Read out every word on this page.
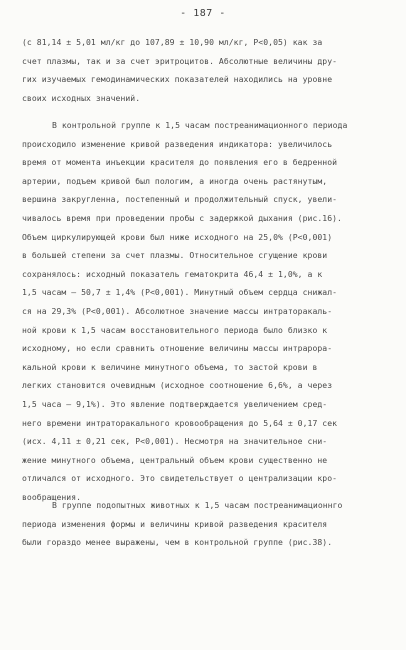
- 187 -
(с 81,14 ± 5,01 мл/кг до 107,89 ± 10,90 мл/кг, Р<0,05) как за
счет плазмы, так и за счет эритроцитов. Абсолютные величины дру-
гих изучаемых гемодинамических показателей находились на уровне
своих исходных значений.
В контрольной группе к 1,5 часам постреанимационного периода
происходило изменение кривой разведения индикатора: увеличилось
время от момента инъекции красителя до появления его в бедренной
артерии, подъем кривой был пологим, а иногда очень растянутым,
вершина закругленна, постепенный и продолжительный спуск, увели-
чивалось время при проведении пробы с задержкой дыхания (рис.16).
Объем циркулирующей крови был ниже исходного на 25,0% (Р<0,001)
в большей степени за счет плазмы. Относительное сгущение крови
сохранялось: исходный показатель гематокрита 46,4 ± 1,0%, а к
1,5 часам – 50,7 ± 1,4% (Р<0,001). Минутный объем сердца снижал-
ся на 29,3% (Р<0,001). Абсолютное значение массы интраторакаль-
ной крови к 1,5 часам восстановительного периода было близко к
исходному, но если сравнить отношение величины массы интрарора-
кальной крови к величине минутного объема, то застой крови в
легких становится очевидным (исходное соотношение 6,6%, а через
1,5 часа – 9,1%). Это явление подтверждается увеличением сред-
него времени интраторакального кровообращения до 5,64 ± 0,17 сек
(исх. 4,11 ± 0,21 сек, Р<0,001). Несмотря на значительное сни-
жение минутного объема, центральный объем крови существенно не
отличался от исходного. Это свидетельствует о централизации кро-
вообращения.
В группе подопытных животных к 1,5 часам постреанимационнго
периода изменения формы и величины кривой разведения красителя
были гораздо менее выражены, чем в контрольной группе (рис.38).
